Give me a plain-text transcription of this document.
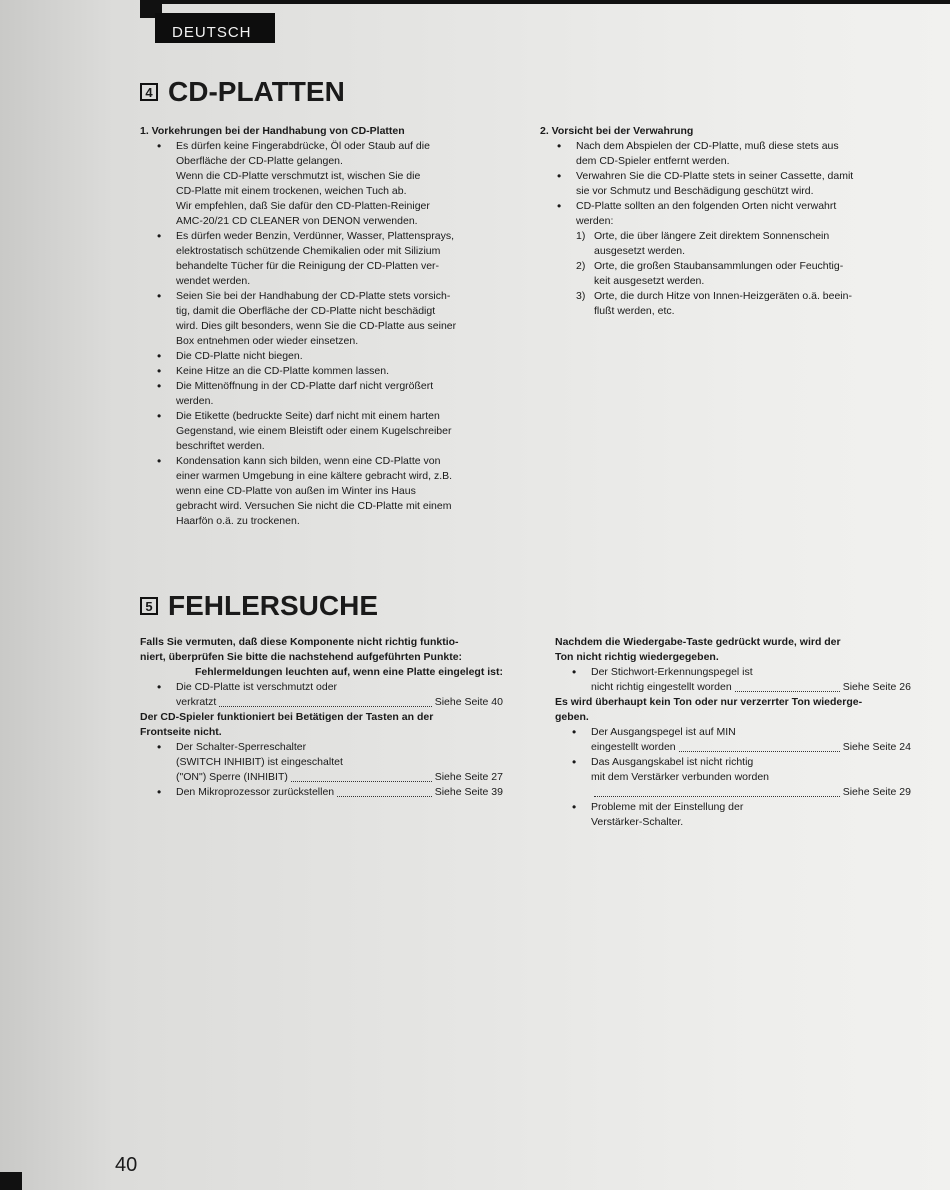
DEUTSCH
4 CD-PLATTEN
1. Vorkehrungen bei der Handhabung von CD-Platten
• Es dürfen keine Fingerabdrücke, Öl oder Staub auf die
Oberfläche der CD-Platte gelangen.
Wenn die CD-Platte verschmutzt ist, wischen Sie die
CD-Platte mit einem trockenen, weichen Tuch ab.
Wir empfehlen, daß Sie dafür den CD-Platten-Reiniger
AMC-20/21 CD CLEANER von DENON verwenden.
• Es dürfen weder Benzin, Verdünner, Wasser, Plattensprays,
elektrostatisch schützende Chemikalien oder mit Silizium
behandelte Tücher für die Reinigung der CD-Platten ver-
wendet werden.
• Seien Sie bei der Handhabung der CD-Platte stets vorsich-
tig, damit die Oberfläche der CD-Platte nicht beschädigt
wird. Dies gilt besonders, wenn Sie die CD-Platte aus seiner
Box entnehmen oder wieder einsetzen.
• Die CD-Platte nicht biegen.
• Keine Hitze an die CD-Platte kommen lassen.
• Die Mittenöffnung in der CD-Platte darf nicht vergrößert
werden.
• Die Etikette (bedruckte Seite) darf nicht mit einem harten
Gegenstand, wie einem Bleistift oder einem Kugelschreiber
beschriftet werden.
• Kondensation kann sich bilden, wenn eine CD-Platte von
einer warmen Umgebung in eine kältere gebracht wird, z.B.
wenn eine CD-Platte von außen im Winter ins Haus
gebracht wird. Versuchen Sie nicht die CD-Platte mit einem
Haarfön o.ä. zu trockenen.
2. Vorsicht bei der Verwahrung
• Nach dem Abspielen der CD-Platte, muß diese stets aus
dem CD-Spieler entfernt werden.
• Verwahren Sie die CD-Platte stets in seiner Cassette, damit
sie vor Schmutz und Beschädigung geschützt wird.
• CD-Platte sollten an den folgenden Orten nicht verwahrt
werden:
1) Orte, die über längere Zeit direktem Sonnenschein
ausgesetzt werden.
2) Orte, die großen Staubansammlungen oder Feuchtig-
keit ausgesetzt werden.
3) Orte, die durch Hitze von Innen-Heizgeräten o.ä. beein-
flußt werden, etc.
5 FEHLERSUCHE
Falls Sie vermuten, daß diese Komponente nicht richtig funktio-
niert, überprüfen Sie bitte die nachstehend aufgeführten Punkte:
Fehlermeldungen leuchten auf, wenn eine Platte eingelegt ist:
• Die CD-Platte ist verschmutzt oder
verkratzt	Siehe Seite 40
Der CD-Spieler funktioniert bei Betätigen der Tasten an der
Frontseite nicht.
• Der Schalter-Sperreschalter
(SWITCH INHIBIT) ist eingeschaltet
("ON") Sperre (INHIBIT)	Siehe Seite 27
• Den Mikroprozessor zurückstellen	Siehe Seite 39
Nachdem die Wiedergabe-Taste gedrückt wurde, wird der
Ton nicht richtig wiedergegeben.
• Der Stichwort-Erkennungspegel ist
nicht richtig eingestellt worden	Siehe Seite 26
Es wird überhaupt kein Ton oder nur verzerrter Ton wiederge-
geben.
• Der Ausgangspegel ist auf MIN
eingestellt worden	Siehe Seite 24
• Das Ausgangskabel ist nicht richtig
mit dem Verstärker verbunden worden
Siehe Seite 29
• Probleme mit der Einstellung der
Verstärker-Schalter.
40
